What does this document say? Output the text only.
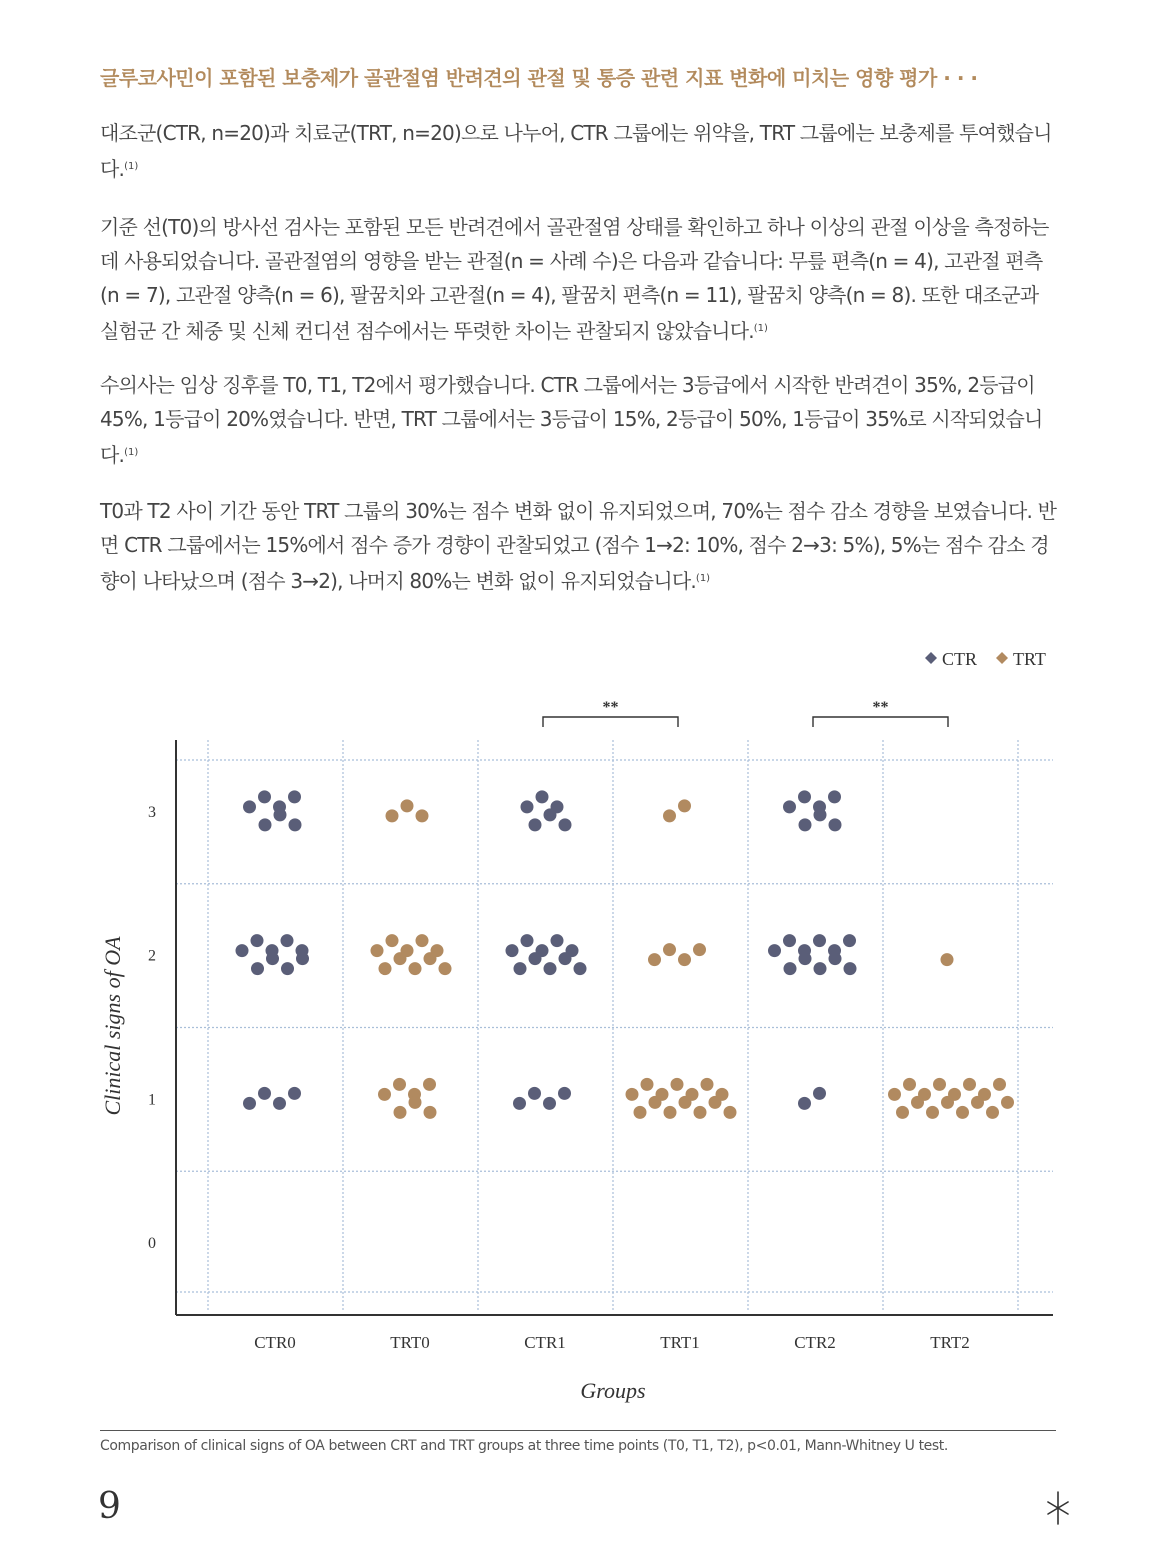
글루코사민이 포함된 보충제가 골관절염 반려견의 관절 및 통증 관련 지표 변화에 미치는 영향 평가 · · ·
대조군(CTR, n=20)과 치료군(TRT, n=20)으로 나누어, CTR 그룹에는 위약을, TRT 그룹에는 보충제를 투여했습니다.$^{(1)}$
기준 선(T0)의 방사선 검사는 포함된 모든 반려견에서 골관절염 상태를 확인하고 하나 이상의 관절 이상을 측정하는 데 사용되었습니다. 골관절염의 영향을 받는 관절(n = 사례 수)은 다음과 같습니다: 무릎 편측(n = 4), 고관절 편측(n = 7), 고관절 양측(n = 6), 팔꿈치와 고관절(n = 4), 팔꿈치 편측(n = 11), 팔꿈치 양측(n = 8). 또한 대조군과 실험군 간 체중 및 신체 컨디션 점수에서는 뚜렷한 차이는 관찰되지 않았습니다.$^{(1)}$
수의사는 임상 징후를 T0, T1, T2에서 평가했습니다. CTR 그룹에서는 3등급에서 시작한 반려견이 35%, 2등급이 45%, 1등급이 20%였습니다. 반면, TRT 그룹에서는 3등급이 15%, 2등급이 50%, 1등급이 35%로 시작되었습니다.$^{(1)}$
T0과 T2 사이 기간 동안 TRT 그룹의 30%는 점수 변화 없이 유지되었으며, 70%는 점수 감소 경향을 보였습니다. 반면 CTR 그룹에서는 15%에서 점수 증가 경향이 관찰되었고 (점수 1→2: 10%, 점수 2→3: 5%), 5%는 점수 감소 경향이 나타났으며 (점수 3→2), 나머지 80%는 변화 없이 유지되었습니다.$^{(1)}$
0
1
2
3
CTR0	TRT0	CTR1	TRT1	CTR2	TRT2
**	**
CTR TRT
Groups
Clinical signs of OA
Comparison of clinical signs of OA between CRT and TRT groups at three time points (T0, T1, T2), p<0.01, Mann-Whitney U test.
9
